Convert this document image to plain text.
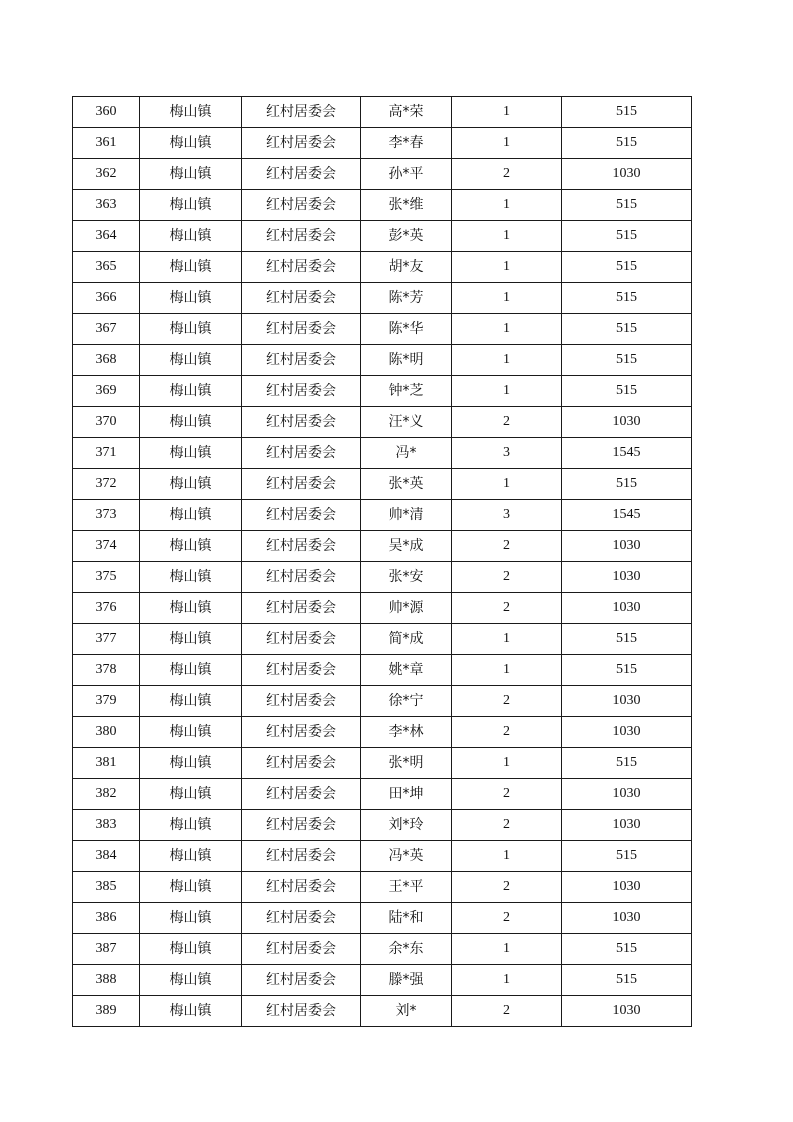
360	梅山镇	红村居委会	高*荣	1	515
361	梅山镇	红村居委会	李*春	1	515
362	梅山镇	红村居委会	孙*平	2	1030
363	梅山镇	红村居委会	张*维	1	515
364	梅山镇	红村居委会	彭*英	1	515
365	梅山镇	红村居委会	胡*友	1	515
366	梅山镇	红村居委会	陈*芳	1	515
367	梅山镇	红村居委会	陈*华	1	515
368	梅山镇	红村居委会	陈*明	1	515
369	梅山镇	红村居委会	钟*芝	1	515
370	梅山镇	红村居委会	汪*义	2	1030
371	梅山镇	红村居委会	冯*	3	1545
372	梅山镇	红村居委会	张*英	1	515
373	梅山镇	红村居委会	帅*清	3	1545
374	梅山镇	红村居委会	吴*成	2	1030
375	梅山镇	红村居委会	张*安	2	1030
376	梅山镇	红村居委会	帅*源	2	1030
377	梅山镇	红村居委会	简*成	1	515
378	梅山镇	红村居委会	姚*章	1	515
379	梅山镇	红村居委会	徐*宁	2	1030
380	梅山镇	红村居委会	李*林	2	1030
381	梅山镇	红村居委会	张*明	1	515
382	梅山镇	红村居委会	田*坤	2	1030
383	梅山镇	红村居委会	刘*玲	2	1030
384	梅山镇	红村居委会	冯*英	1	515
385	梅山镇	红村居委会	王*平	2	1030
386	梅山镇	红村居委会	陆*和	2	1030
387	梅山镇	红村居委会	余*东	1	515
388	梅山镇	红村居委会	滕*强	1	515
389	梅山镇	红村居委会	刘*	2	1030
